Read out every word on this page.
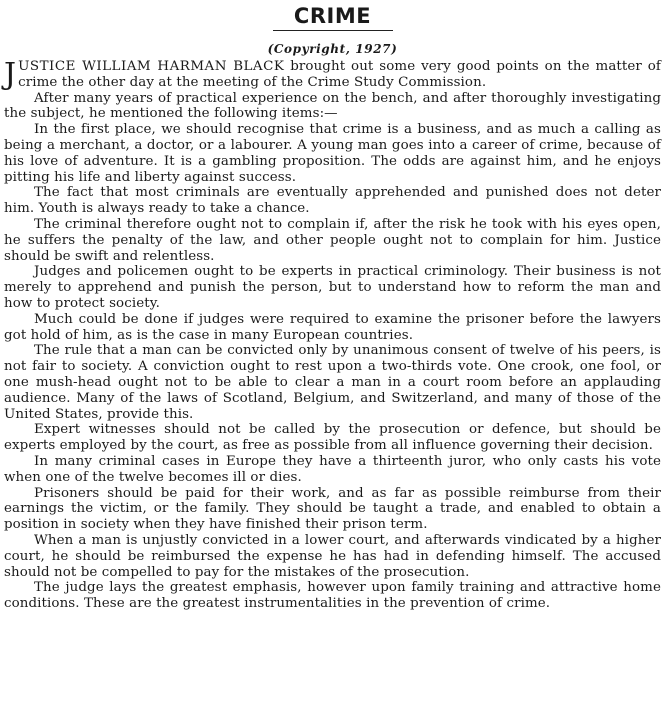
CRIME
(Copyright, 1927)

JUSTICE WILLIAM HARMAN BLACK brought out some very good points on the matter of crime the other day at the meeting of the Crime Study Commission.

After many years of practical experience on the bench, and after thoroughly investigating the subject, he mentioned the following items:—

In the first place, we should recognise that crime is a business, and as much a calling as being a merchant, a doctor, or a labourer. A young man goes into a career of crime, because of his love of adventure. It is a gambling proposition. The odds are against him, and he enjoys pitting his life and liberty against success.

The fact that most criminals are eventually apprehended and punished does not deter him. Youth is always ready to take a chance.

The criminal therefore ought not to complain if, after the risk he took with his eyes open, he suffers the penalty of the law, and other people ought not to complain for him. Justice should be swift and relentless.

Judges and policemen ought to be experts in practical criminology. Their business is not merely to apprehend and punish the person, but to understand how to reform the man and how to protect society.

Much could be done if judges were required to examine the prisoner before the lawyers got hold of him, as is the case in many European countries.

The rule that a man can be convicted only by unanimous consent of twelve of his peers, is not fair to society. A conviction ought to rest upon a two-thirds vote. One crook, one fool, or one mush-head ought not to be able to clear a man in a court room before an applauding audience. Many of the laws of Scotland, Belgium, and Switzerland, and many of those of the United States, provide this.

Expert witnesses should not be called by the prosecution or defence, but should be experts employed by the court, as free as possible from all influence governing their decision.

In many criminal cases in Europe they have a thirteenth juror, who only casts his vote when one of the twelve becomes ill or dies.

Prisoners should be paid for their work, and as far as possible reimburse from their earnings the victim, or the family. They should be taught a trade, and enabled to obtain a position in society when they have finished their prison term.

When a man is unjustly convicted in a lower court, and afterwards vindicated by a higher court, he should be reimbursed the expense he has had in defending himself. The accused should not be compelled to pay for the mistakes of the prosecution.

The judge lays the greatest emphasis, however upon family training and attractive home conditions. These are the greatest instrumentalities in the prevention of crime.
